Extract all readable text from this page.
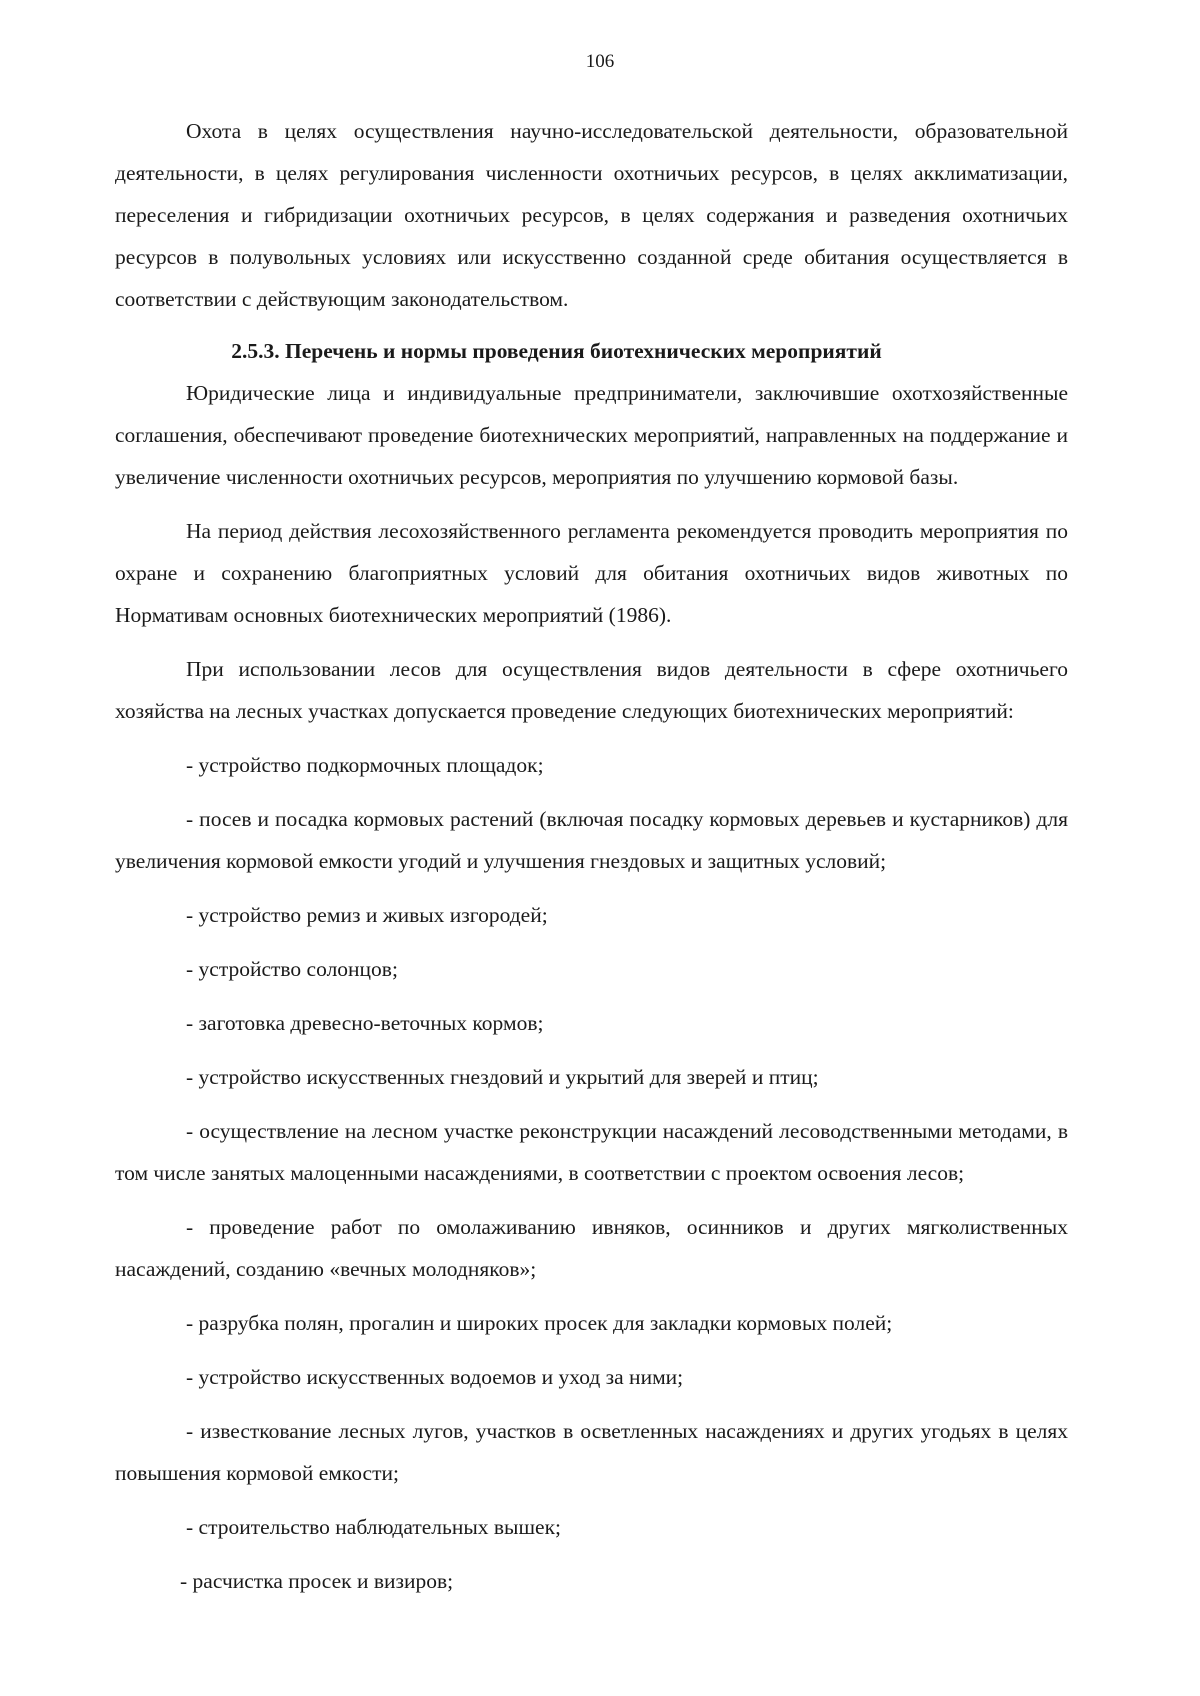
106

Охота в целях осуществления научно-исследовательской деятельности, образовательной деятельности, в целях регулирования численности охотничьих ресурсов, в целях акклиматизации, переселения и гибридизации охотничьих ресурсов, в целях содержания и разведения охотничьих ресурсов в полувольных условиях или искусственно созданной среде обитания осуществляется в соответствии с действующим законодательством.

2.5.3. Перечень и нормы проведения биотехнических мероприятий

Юридические лица и индивидуальные предприниматели, заключившие охотхозяйственные соглашения, обеспечивают проведение биотехнических мероприятий, направленных на поддержание и увеличение численности охотничьих ресурсов, мероприятия по улучшению кормовой базы.

На период действия лесохозяйственного регламента рекомендуется проводить мероприятия по охране и сохранению благоприятных условий для обитания охотничьих видов животных по Нормативам основных биотехнических мероприятий (1986).

При использовании лесов для осуществления видов деятельности в сфере охотничьего хозяйства на лесных участках допускается проведение следующих биотехнических мероприятий:

- устройство подкормочных площадок;

- посев и посадка кормовых растений (включая посадку кормовых деревьев и кустарников) для увеличения кормовой емкости угодий и улучшения гнездовых и защитных условий;

- устройство ремиз и живых изгородей;

- устройство солонцов;

- заготовка древесно-веточных кормов;

- устройство искусственных гнездовий и укрытий для зверей и птиц;

- осуществление на лесном участке реконструкции насаждений лесоводственными методами, в том числе занятых малоценными насаждениями, в соответствии с проектом освоения лесов;

- проведение работ по омолаживанию ивняков, осинников и других мягколиственных насаждений, созданию «вечных молодняков»;

- разрубка полян, прогалин и широких просек для закладки кормовых полей;

- устройство искусственных водоемов и уход за ними;

- известкование лесных лугов, участков в осветленных насаждениях и других угодьях в целях повышения кормовой емкости;

- строительство наблюдательных вышек;

- расчистка просек и визиров;
